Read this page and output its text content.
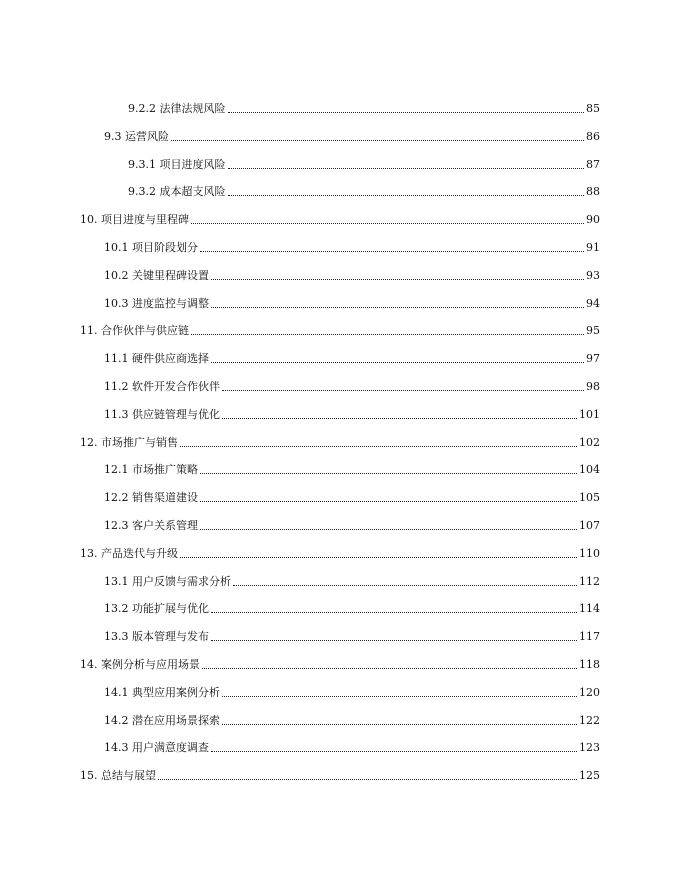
9.2.2 法律法规风险	85
9.3 运营风险	86
9.3.1 项目进度风险	87
9.3.2 成本超支风险	88
10. 项目进度与里程碑	90
10.1 项目阶段划分	91
10.2 关键里程碑设置	93
10.3 进度监控与调整	94
11. 合作伙伴与供应链	95
11.1 硬件供应商选择	97
11.2 软件开发合作伙伴	98
11.3 供应链管理与优化	101
12. 市场推广与销售	102
12.1 市场推广策略	104
12.2 销售渠道建设	105
12.3 客户关系管理	107
13. 产品迭代与升级	110
13.1 用户反馈与需求分析	112
13.2 功能扩展与优化	114
13.3 版本管理与发布	117
14. 案例分析与应用场景	118
14.1 典型应用案例分析	120
14.2 潜在应用场景探索	122
14.3 用户满意度调查	123
15. 总结与展望	125
